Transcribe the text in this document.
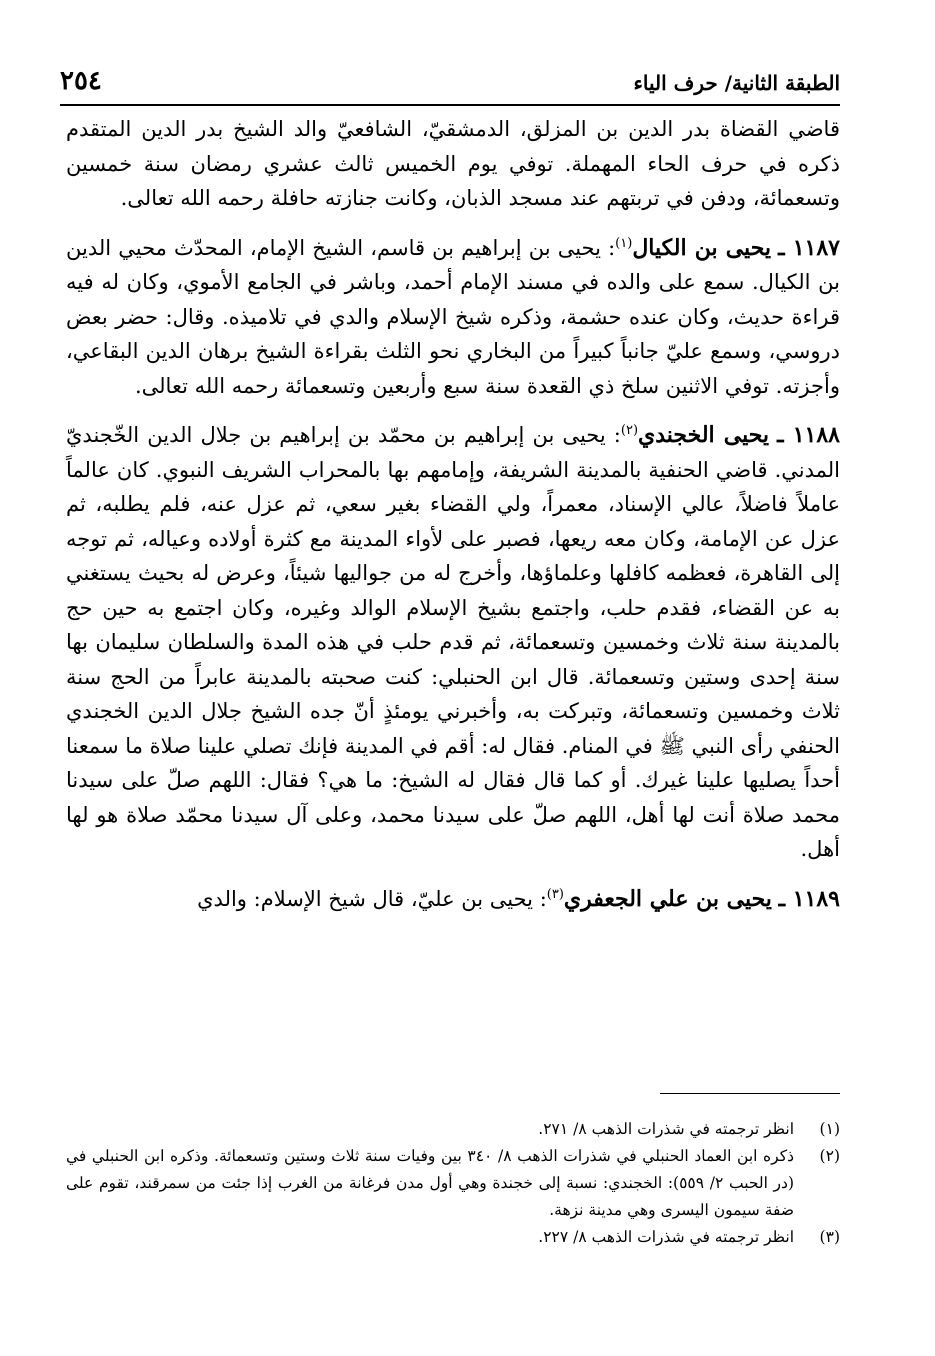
الطبقة الثانية/ حرف الياء
٢٥٤

قاضي القضاة بدر الدين بن المزلق، الدمشقيّ، الشافعيّ والد الشيخ بدر الدين المتقدم ذكره في حرف الحاء المهملة. توفي يوم الخميس ثالث عشري رمضان سنة خمسين وتسعمائة، ودفن في تربتهم عند مسجد الذبان، وكانت جنازته حافلة رحمه الله تعالى.

١١٨٧ ـ يحيى بن الكيال$^{(١)}$: يحيى بن إبراهيم بن قاسم، الشيخ الإمام، المحدّث محيي الدين بن الكيال. سمع على والده في مسند الإمام أحمد، وباشر في الجامع الأموي، وكان له فيه قراءة حديث، وكان عنده حشمة، وذكره شيخ الإسلام والدي في تلاميذه. وقال: حضر بعض دروسي، وسمع عليّ جانباً كبيراً من البخاري نحو الثلث بقراءة الشيخ برهان الدين البقاعي، وأجزته. توفي الاثنين سلخ ذي القعدة سنة سبع وأربعين وتسعمائة رحمه الله تعالى.

١١٨٨ ـ يحيى الخجندي$^{(٢)}$: يحيى بن إبراهيم بن محمّد بن إبراهيم بن جلال الدين الخّجنديّ المدني. قاضي الحنفية بالمدينة الشريفة، وإمامهم بها بالمحراب الشريف النبوي. كان عالماً عاملاً فاضلاً، عالي الإسناد، معمراً، ولي القضاء بغير سعي، ثم عزل عنه، فلم يطلبه، ثم عزل عن الإمامة، وكان معه ريعها، فصبر على لأواء المدينة مع كثرة أولاده وعياله، ثم توجه إلى القاهرة، فعظمه كافلها وعلماؤها، وأخرج له من جواليها شيئاً، وعرض له بحيث يستغني به عن القضاء، فقدم حلب، واجتمع بشيخ الإسلام الوالد وغيره، وكان اجتمع به حين حج بالمدينة سنة ثلاث وخمسين وتسعمائة، ثم قدم حلب في هذه المدة والسلطان سليمان بها سنة إحدى وستين وتسعمائة. قال ابن الحنبلي: كنت صحبته بالمدينة عابراً من الحج سنة ثلاث وخمسين وتسعمائة، وتبركت به، وأخبرني يومئذٍ أنّ جده الشيخ جلال الدين الخجندي الحنفي رأى النبي ﷺ في المنام. فقال له: أقم في المدينة فإنك تصلي علينا صلاة ما سمعنا أحداً يصليها علينا غيرك. أو كما قال فقال له الشيخ: ما هي؟ فقال: اللهم صلّ على سيدنا محمد صلاة أنت لها أهل، اللهم صلّ على سيدنا محمد، وعلى آل سيدنا محمّد صلاة هو لها أهل.

١١٨٩ ـ يحيى بن علي الجعفري$^{(٣)}$: يحيى بن عليّ، قال شيخ الإسلام: والدي

(١)
انظر ترجمته في شذرات الذهب ٨/ ٢٧١.
(٢)
ذكره ابن العماد الحنبلي في شذرات الذهب ٨/ ٣٤٠ بين وفيات سنة ثلاث وستين وتسعمائة. وذكره ابن الحنبلي في (در الحبب ٢/ ٥٥٩): الخجندي: نسبة إلى خجندة وهي أول مدن فرغانة من الغرب إذا جئت من سمرقند، تقوم على ضفة سيمون اليسرى وهي مدينة نزهة.
(٣)
انظر ترجمته في شذرات الذهب ٨/ ٢٢٧.
